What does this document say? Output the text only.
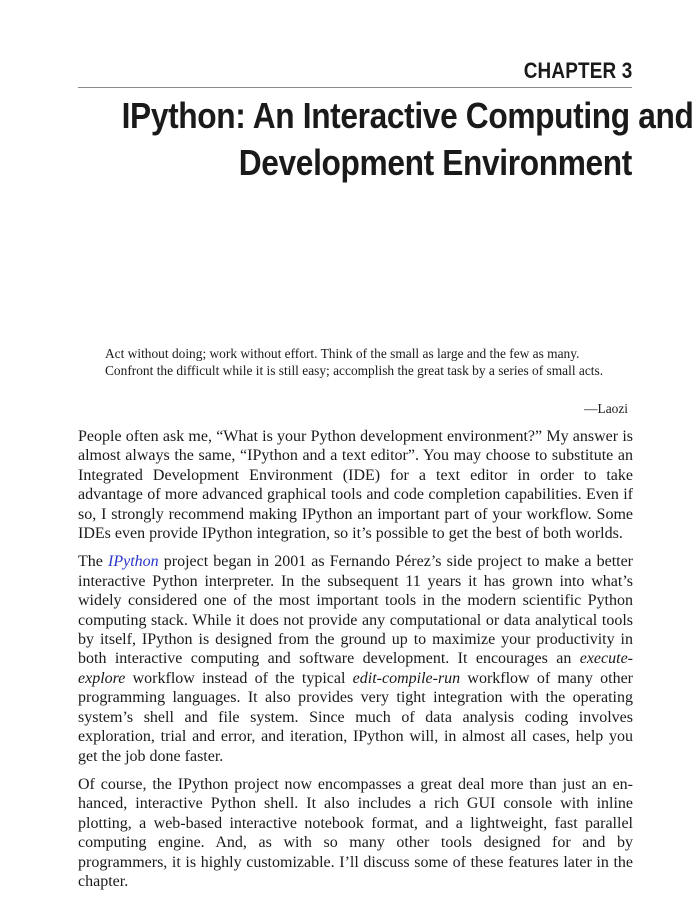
CHAPTER 3
IPython: An Interactive Computing and
Development Environment
Act without doing; work without effort. Think of the small as large and the few as many. Confront the difficult while it is still easy; accomplish the great task by a series of small acts.
—Laozi

People often ask me, “What is your Python development environment?” My answer is almost always the same, “IPython and a text editor”. You may choose to substitute an Integrated Development Environment (IDE) for a text editor in order to take advantage of more advanced graphical tools and code completion capabilities. Even if so, I strongly recommend making IPython an important part of your workflow. Some IDEs even provide IPython integration, so it’s possible to get the best of both worlds.

The IPython project began in 2001 as Fernando Pérez’s side project to make a better interactive Python interpreter. In the subsequent 11 years it has grown into what’s widely considered one of the most important tools in the modern scientific Python computing stack. While it does not provide any computational or data analytical tools by itself, IPython is designed from the ground up to maximize your productivity in both interactive computing and software development. It encourages an execute-explore workflow instead of the typical edit-compile-run workflow of many other programming languages. It also provides very tight integration with the operating system’s shell and file system. Since much of data analysis coding involves exploration, trial and error, and iteration, IPython will, in almost all cases, help you get the job done faster.

Of course, the IPython project now encompasses a great deal more than just an enhanced, interactive Python shell. It also includes a rich GUI console with inline plotting, a web-based interactive notebook format, and a lightweight, fast parallel computing engine. And, as with so many other tools designed for and by programmers, it is highly customizable. I’ll discuss some of these features later in the chapter.
